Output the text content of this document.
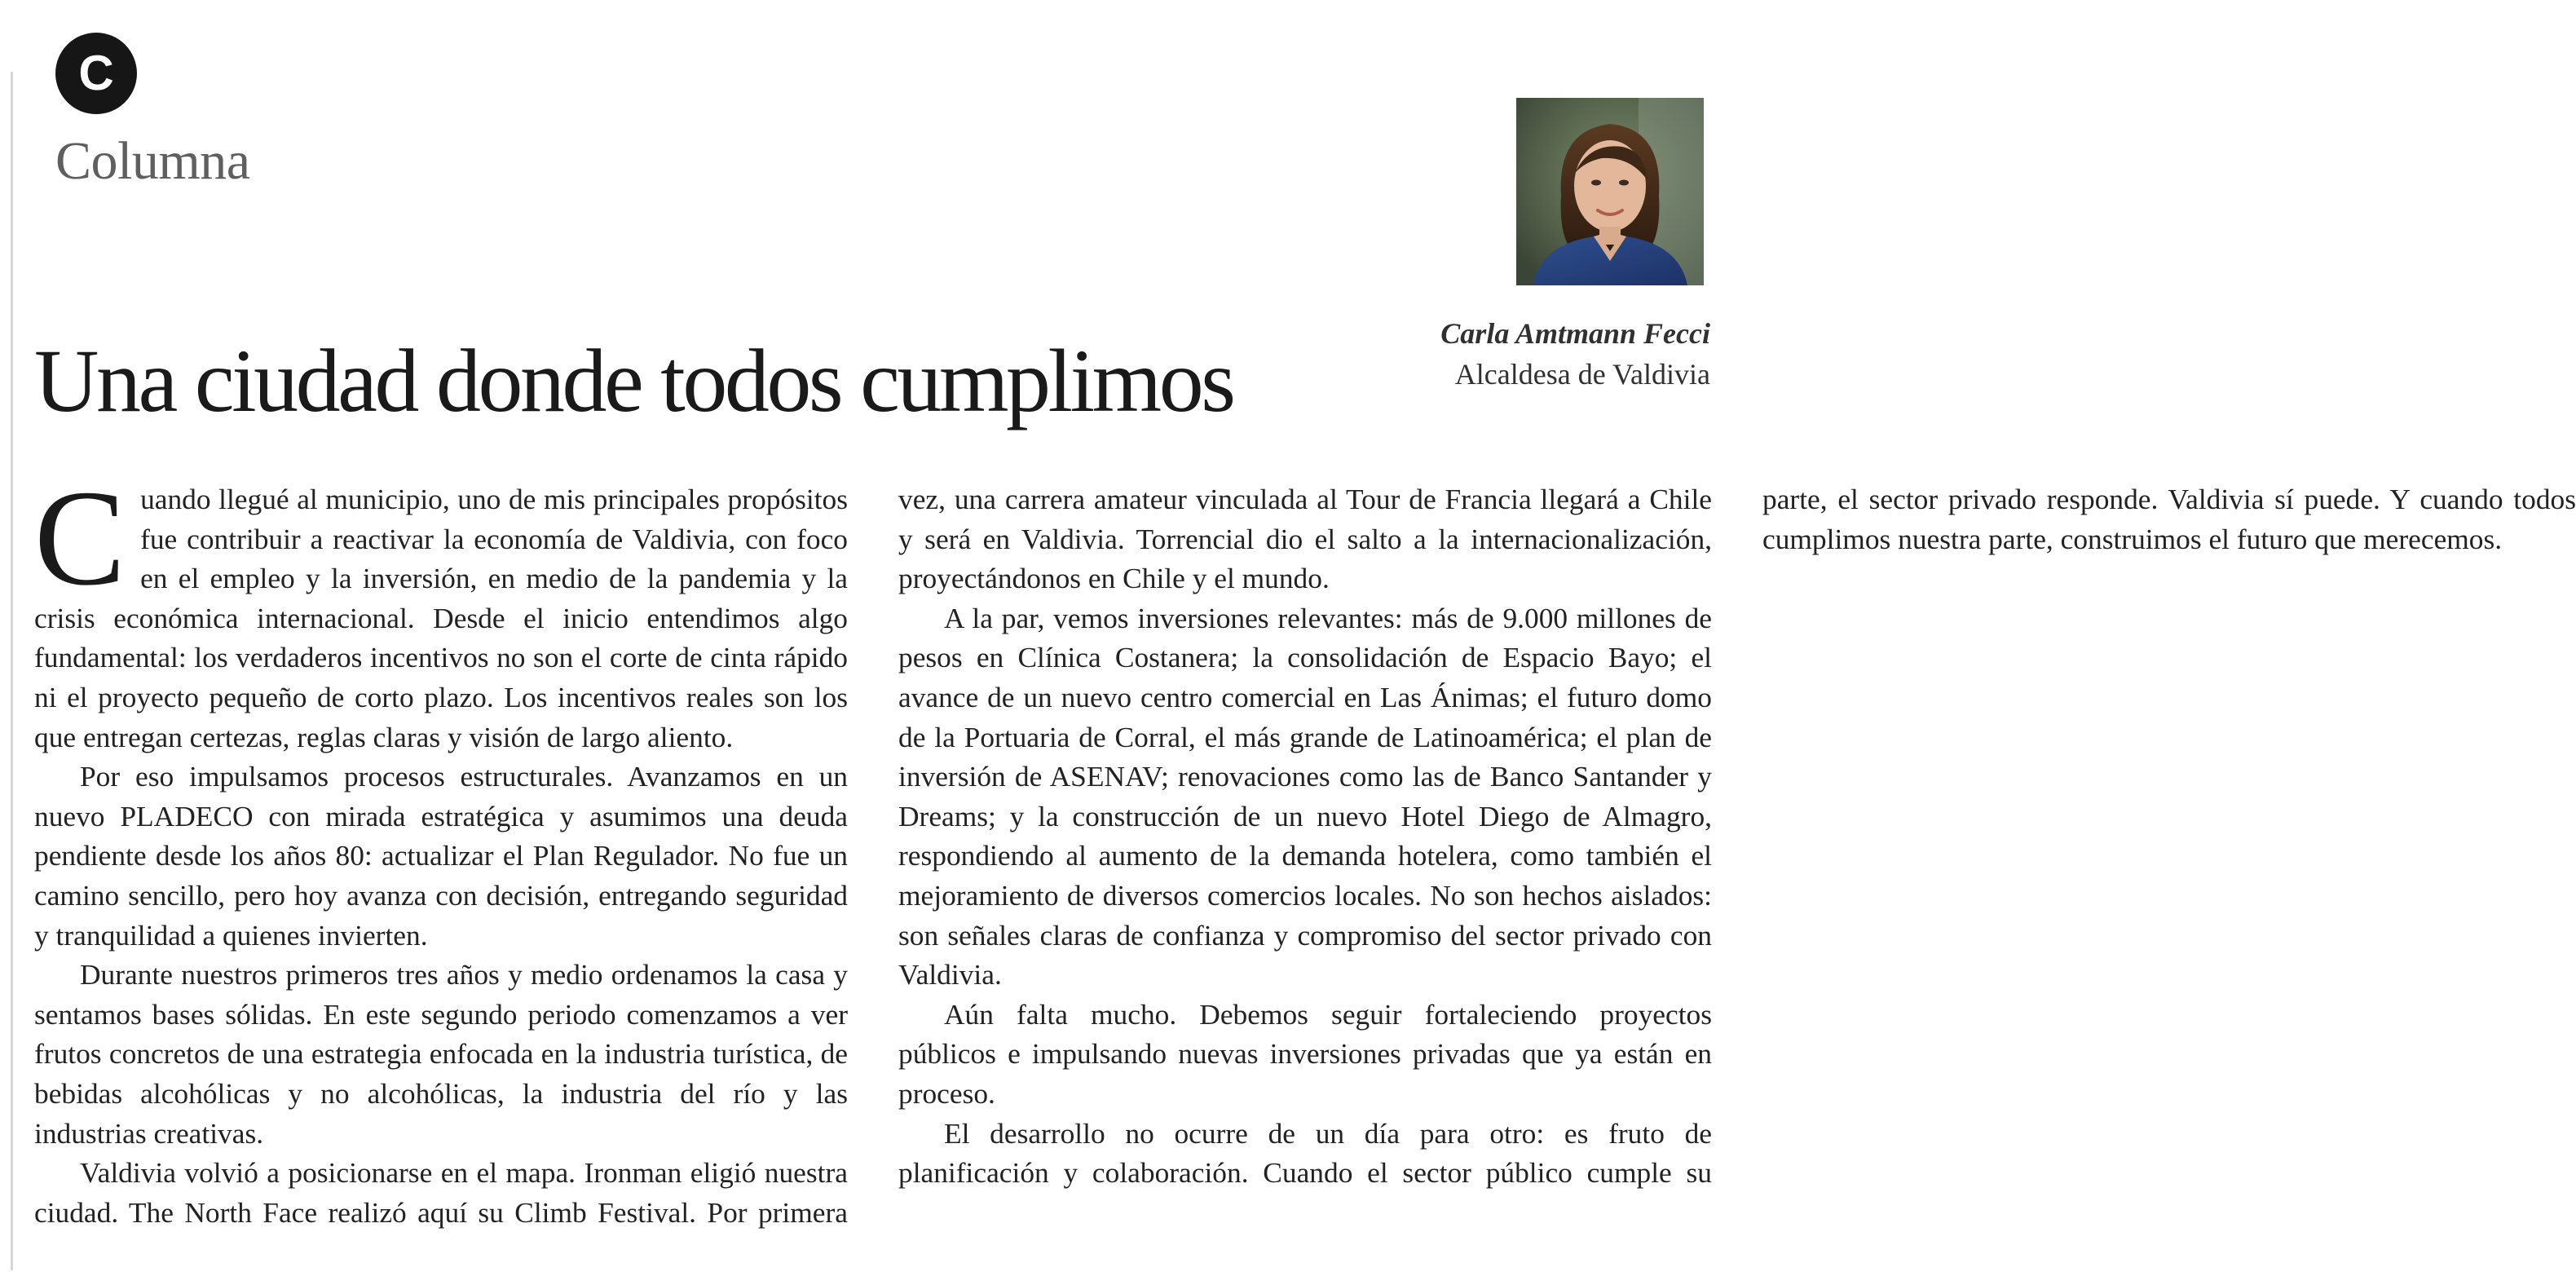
C
Columna
Carla Amtmann Fecci
Alcaldesa de Valdivia
Una ciudad donde todos cumplimos

Cuando llegué al municipio, uno de mis principales propósitos fue contribuir a reactivar la economía de Valdivia, con foco en el empleo y la inversión, en medio de la pandemia y la crisis económica internacional. Desde el inicio entendimos algo fundamental: los verdaderos incentivos no son el corte de cinta rápido ni el proyecto pequeño de corto plazo. Los incentivos reales son los que entregan certezas, reglas claras y visión de largo aliento.

Por eso impulsamos procesos estructurales. Avanzamos en un nuevo PLADECO con mirada estratégica y asumimos una deuda pendiente desde los años 80: actualizar el Plan Regulador. No fue un camino sencillo, pero hoy avanza con decisión, entregando seguridad y tranquilidad a quienes invierten.

Durante nuestros primeros tres años y medio ordenamos la casa y sentamos bases sólidas. En este segundo periodo comenzamos a ver frutos concretos de una estrategia enfocada en la industria turística, de bebidas alcohólicas y no alcohólicas, la industria del río y las industrias creativas.

Valdivia volvió a posicionarse en el mapa. Ironman eligió nuestra ciudad. The North Face realizó aquí su Climb Festival. Por primera vez, una carrera amateur vinculada al Tour de Francia llegará a Chile y será en Valdivia. Torrencial dio el salto a la internacionalización, proyectándonos en Chile y el mundo.

A la par, vemos inversiones relevantes: más de 9.000 millones de pesos en Clínica Costanera; la consolidación de Espacio Bayo; el avance de un nuevo centro comercial en Las Ánimas; el futuro domo de la Portuaria de Corral, el más grande de Latinoamérica; el plan de inversión de ASENAV; renovaciones como las de Banco Santander y Dreams; y la construcción de un nuevo Hotel Diego de Almagro, respondiendo al aumento de la demanda hotelera, como también el mejoramiento de diversos comercios locales. No son hechos aislados: son señales claras de confianza y compromiso del sector privado con Valdivia.

Aún falta mucho. Debemos seguir fortaleciendo proyectos públicos e impulsando nuevas inversiones privadas que ya están en proceso.

El desarrollo no ocurre de un día para otro: es fruto de planificación y colaboración. Cuando el sector público cumple su parte, el sector privado responde. Valdivia sí puede. Y cuando todos cumplimos nuestra parte, construimos el futuro que merecemos.
